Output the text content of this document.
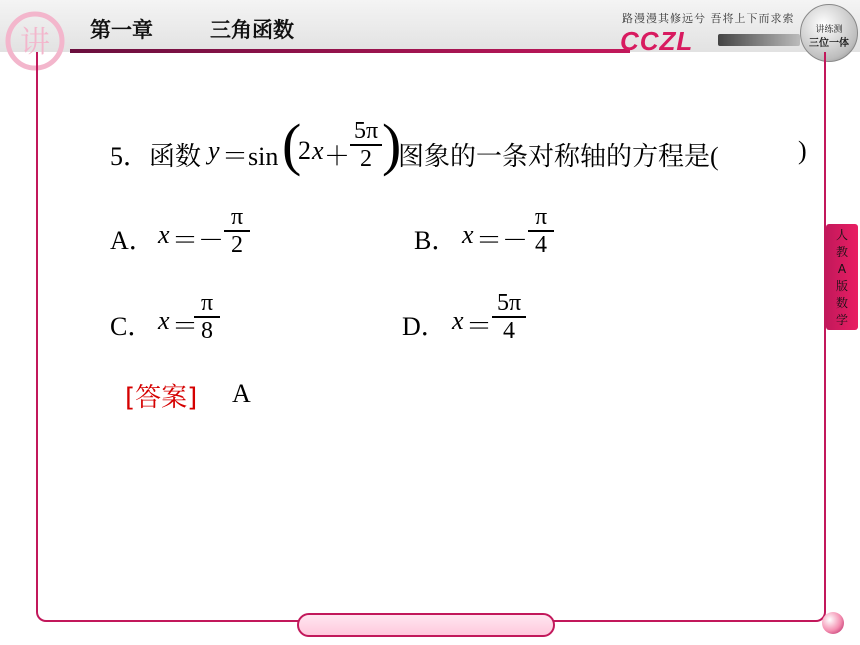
讲 第一章	三角函数	路漫漫其修远兮 吾将上下而求索
CCZL	讲练测
三位一体
人
教
A
版
数
学
5．函数 y ＝sin (
2 $x + \frac{5\pi}{2}$ )
图象的一条对称轴的方程是(	)
A． $x =- \frac{\pi}{2}$	B． $x =- \frac{\pi}{4}$
C． x ＝
$\frac{\pi}{8}$	D． $x = \frac{5\pi}{4}$
[答案] A
